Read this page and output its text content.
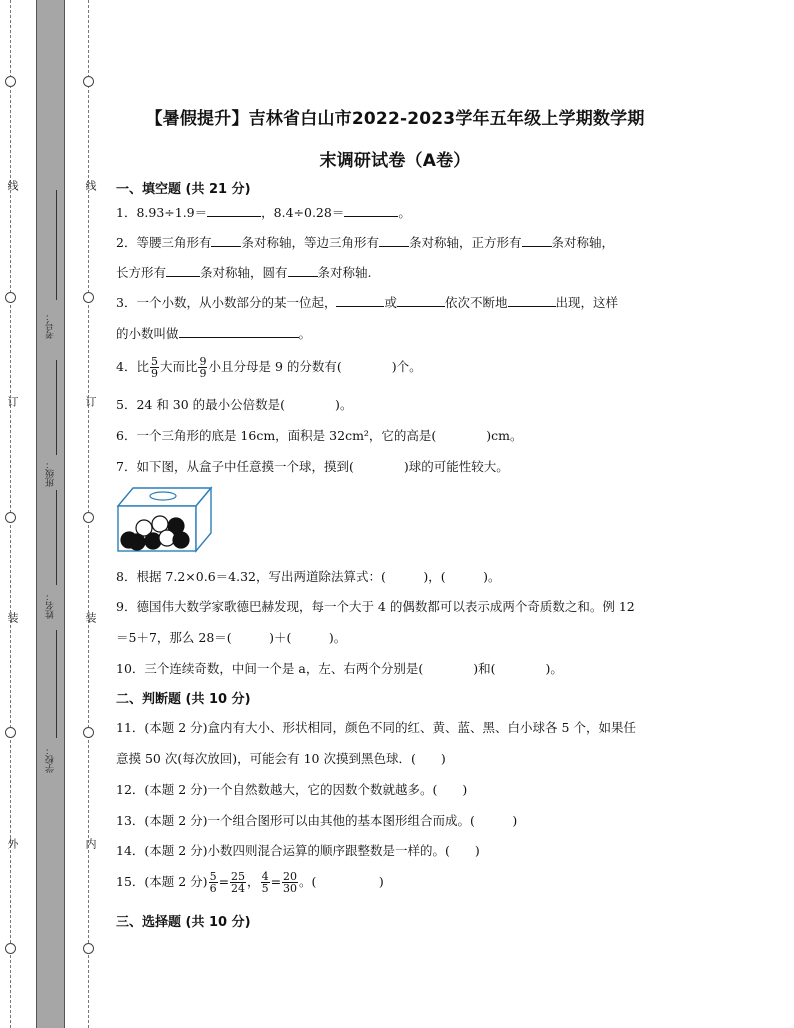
线
订
装
外
线
订
装
内
考号：
班级：
姓名：
学校：
【暑假提升】吉林省白山市2022-2023学年五年级上学期数学期
末调研试卷（A卷）
一、填空题 (共 21 分)
1．8.93÷1.9＝	，8.4÷0.28＝	。
2．等腰三角形有 条对称轴，等边三角形有 条对称轴，正方形有 条对称轴，
长方形有	条对称轴，圆有 条对称轴.
3．一个小数，从小数部分的某一位起，	或	依次不断地	出现，这样
的小数叫做	。
4．比 $\frac{5}{9}$ 大而比 $\frac{9}{9}$ 小且分母是 9 的分数有(	)个。
5．24 和 30 的最小公倍数是(　　　　)。
6．一个三角形的底是 16cm，面积是 32cm²，它的高是(　　　　)cm。
7．如下图，从盒子中任意摸一个球，摸到(　　　　)球的可能性较大。
8．根据 7.2×0.6＝4.32，写出两道除法算式：(　　　)，(　　　)。
9．德国伟大数学家歌德巴赫发现，每一个大于 4 的偶数都可以表示成两个奇质数之和。例 12
＝5＋7，那么 28＝(　　　)＋(　　　)。
10．三个连续奇数，中间一个是 a，左、右两个分别是(　　　　)和(　　　　)。
二、判断题 (共 10 分)
11．(本题 2 分)盒内有大小、形状相同，颜色不同的红、黄、蓝、黑、白小球各 5 个，如果任
意摸 50 次(每次放回)，可能会有 10 次摸到黑色球．(　　)
12．(本题 2 分)一个自然数越大，它的因数个数就越多。(　　)
13．(本题 2 分)一个组合图形可以由其他的基本图形组合而成。(　　　)
14．(本题 2 分)小数四则混合运算的顺序跟整数是一样的。(　　)
15．(本题 2 分) $\frac{5}{6} = \frac{25}{24}$ ， $\frac{4}{5} = \frac{20}{30}$ 。(　　　　　)
三、选择题 (共 10 分)
